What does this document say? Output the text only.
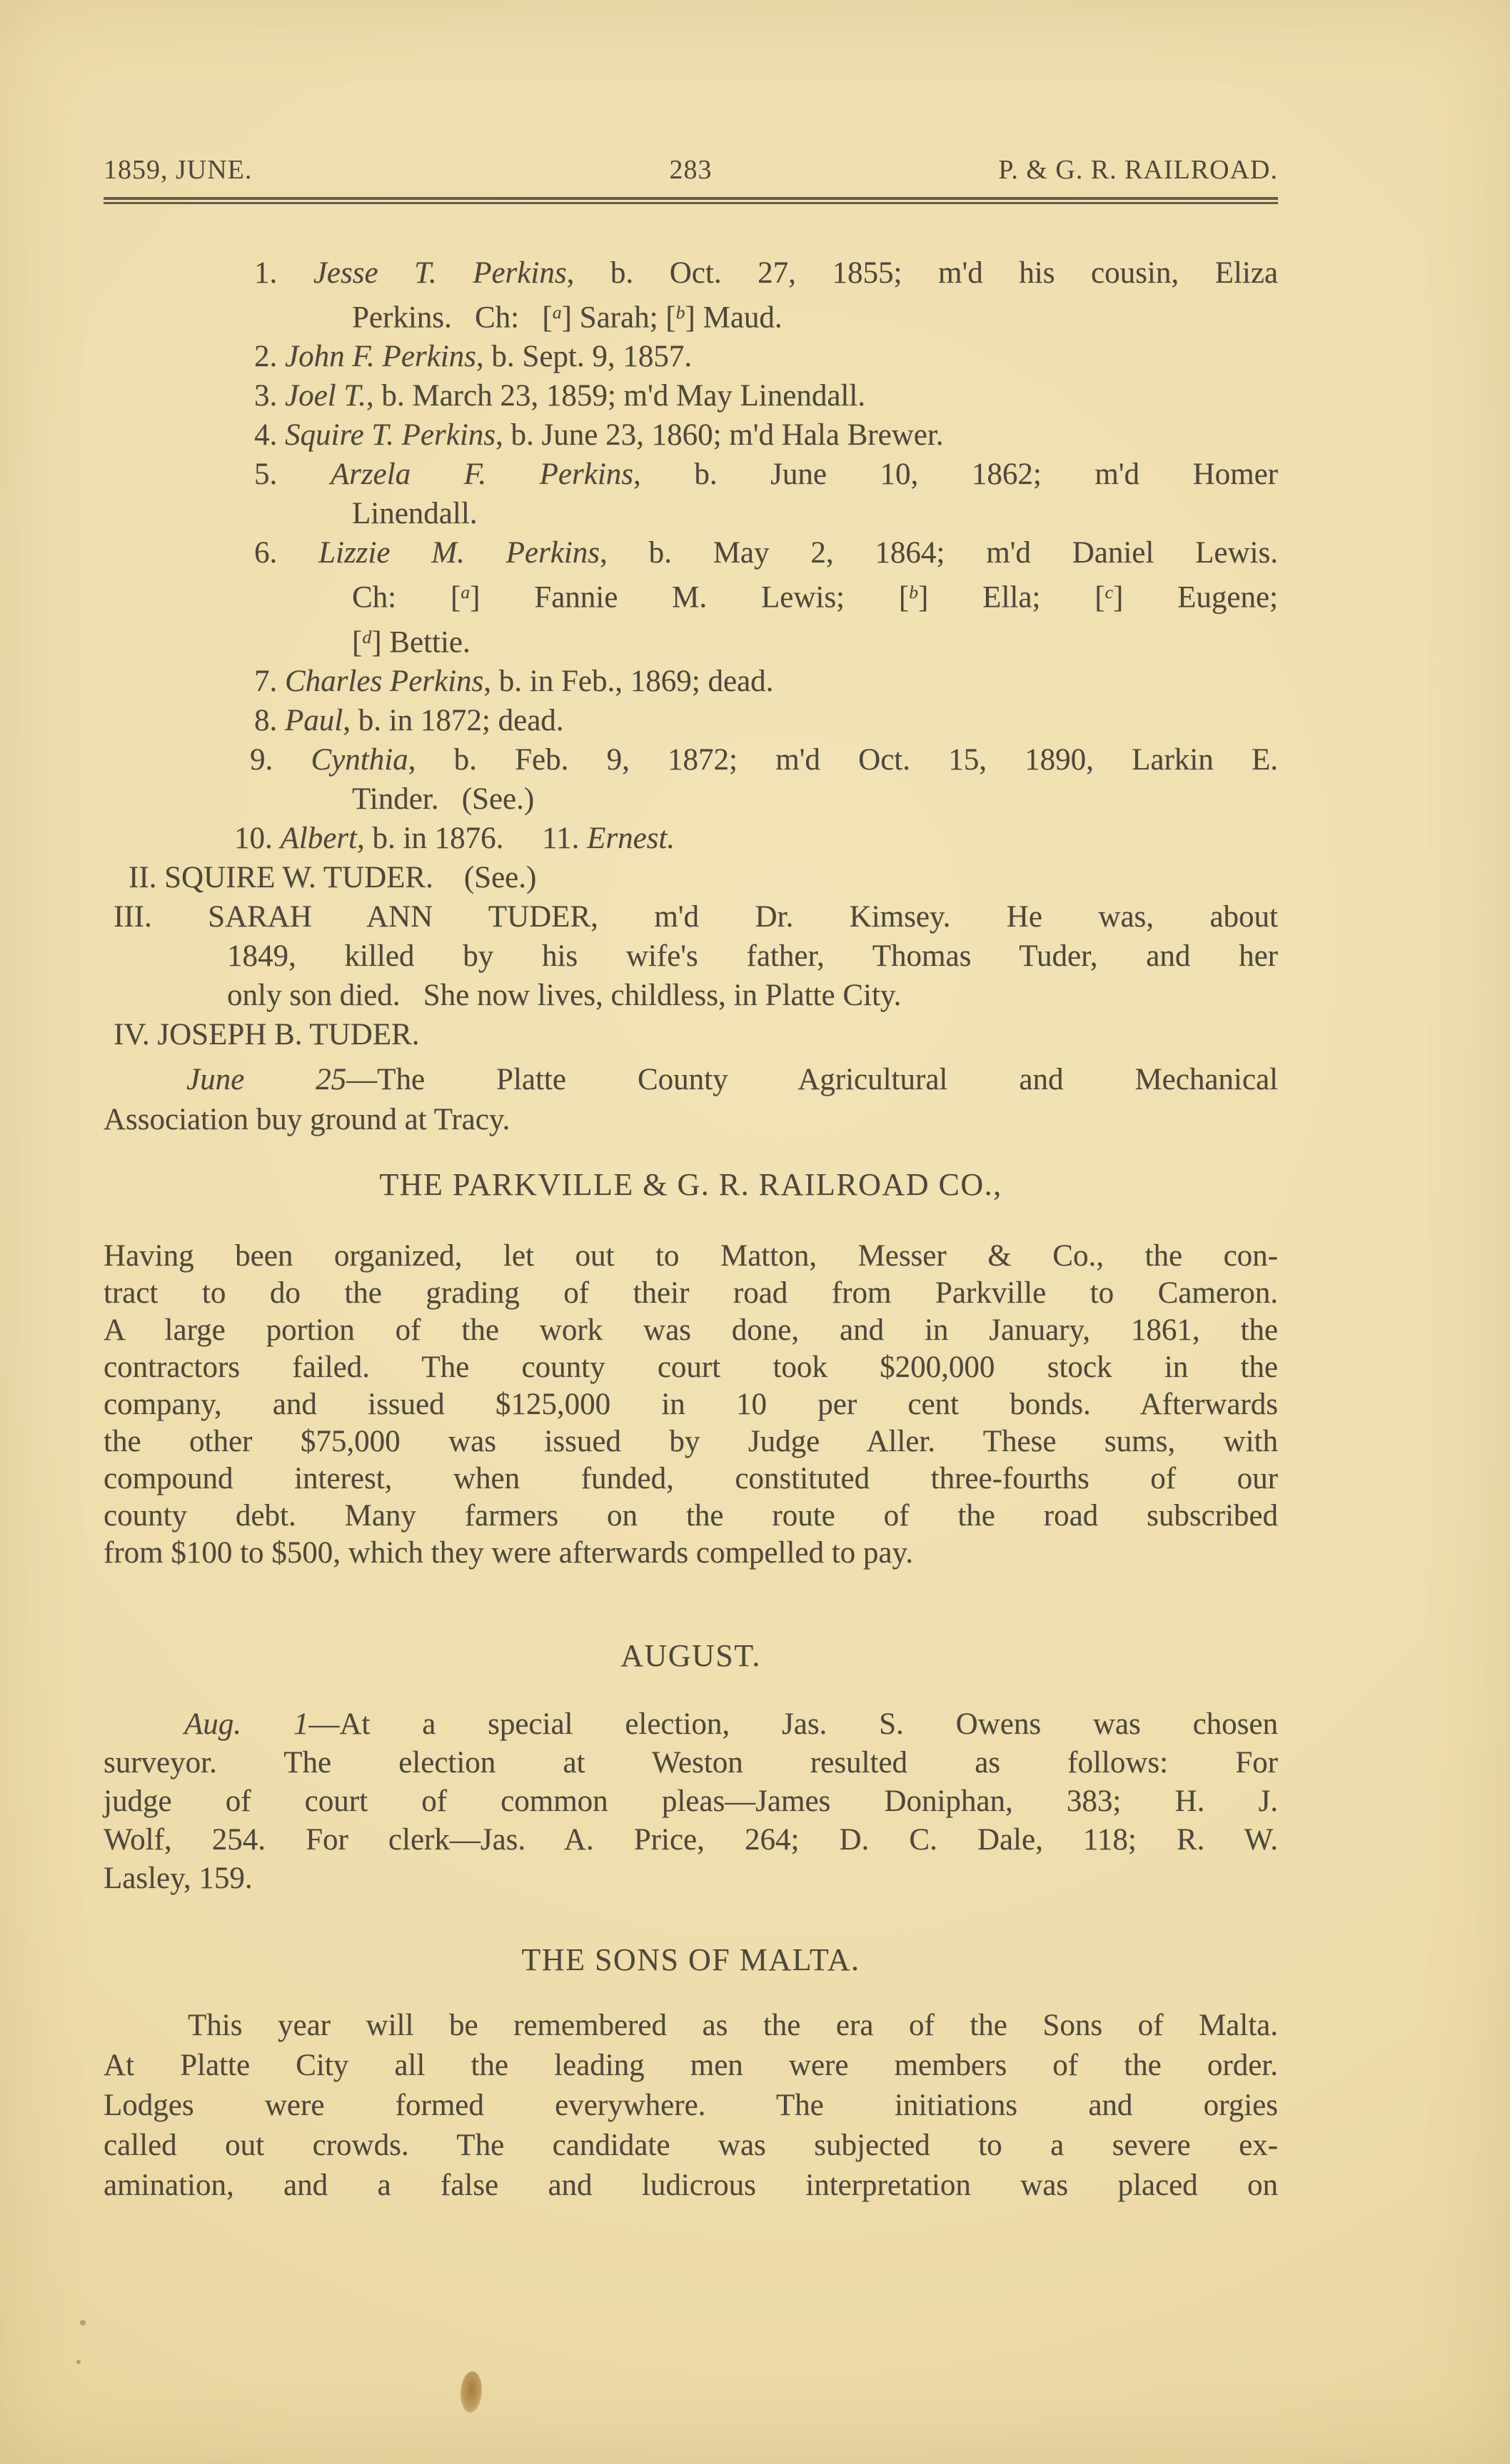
1859, JUNE.	283	P. & G. R. RAILROAD.
1. Jesse T. Perkins, b. Oct. 27, 1855; m'd his cousin, Eliza
Perkins.  Ch:  [$^a$] Sarah; [$^b$] Maud.
2. John F. Perkins, b. Sept. 9, 1857.
3. Joel T., b. March 23, 1859; m'd May Linendall.
4. Squire T. Perkins, b. June 23, 1860; m'd Hala Brewer.
5. Arzela F. Perkins, b. June 10, 1862; m'd Homer
Linendall.
6. Lizzie M. Perkins, b. May 2, 1864; m'd Daniel Lewis.
Ch: [$^a$] Fannie M. Lewis; [$^b$] Ella; [$^c$] Eugene;
[$^d$] Bettie.
7. Charles Perkins, b. in Feb., 1869; dead.
8. Paul, b. in 1872; dead.
9. Cynthia, b. Feb. 9, 1872; m'd Oct. 15, 1890, Larkin E.
Tinder.  (See.)
10. Albert, b. in 1876.  11. Ernest.
II. SQUIRE W. TUDER.  (See.)
III. SARAH ANN TUDER, m'd Dr. Kimsey. He was, about
1849, killed by his wife's father, Thomas Tuder, and her
only son died.  She now lives, childless, in Platte City.
IV. JOSEPH B. TUDER.
June 25—The Platte County Agricultural and Mechanical
Association buy ground at Tracy.
THE PARKVILLE & G. R. RAILROAD CO.,
Having been organized, let out to Matton, Messer & Co., the con-
tract to do the grading of their road from Parkville to Cameron.
A large portion of the work was done, and in January, 1861, the
contractors failed. The county court took $200,000 stock in the
company, and issued $125,000 in 10 per cent bonds. Afterwards
the other $75,000 was issued by Judge Aller. These sums, with
compound interest, when funded, constituted three-fourths of our
county debt. Many farmers on the route of the road subscribed
from $100 to $500, which they were afterwards compelled to pay.
AUGUST.
Aug. 1—At a special election, Jas. S. Owens was chosen
surveyor. The election at Weston resulted as follows: For
judge of court of common pleas—James Doniphan, 383; H. J.
Wolf, 254. For clerk—Jas. A. Price, 264; D. C. Dale, 118; R. W.
Lasley, 159.
THE SONS OF MALTA.
This year will be remembered as the era of the Sons of Malta.
At Platte City all the leading men were members of the order.
Lodges were formed everywhere. The initiations and orgies
called out crowds. The candidate was subjected to a severe ex-
amination, and a false and ludicrous interpretation was placed on
